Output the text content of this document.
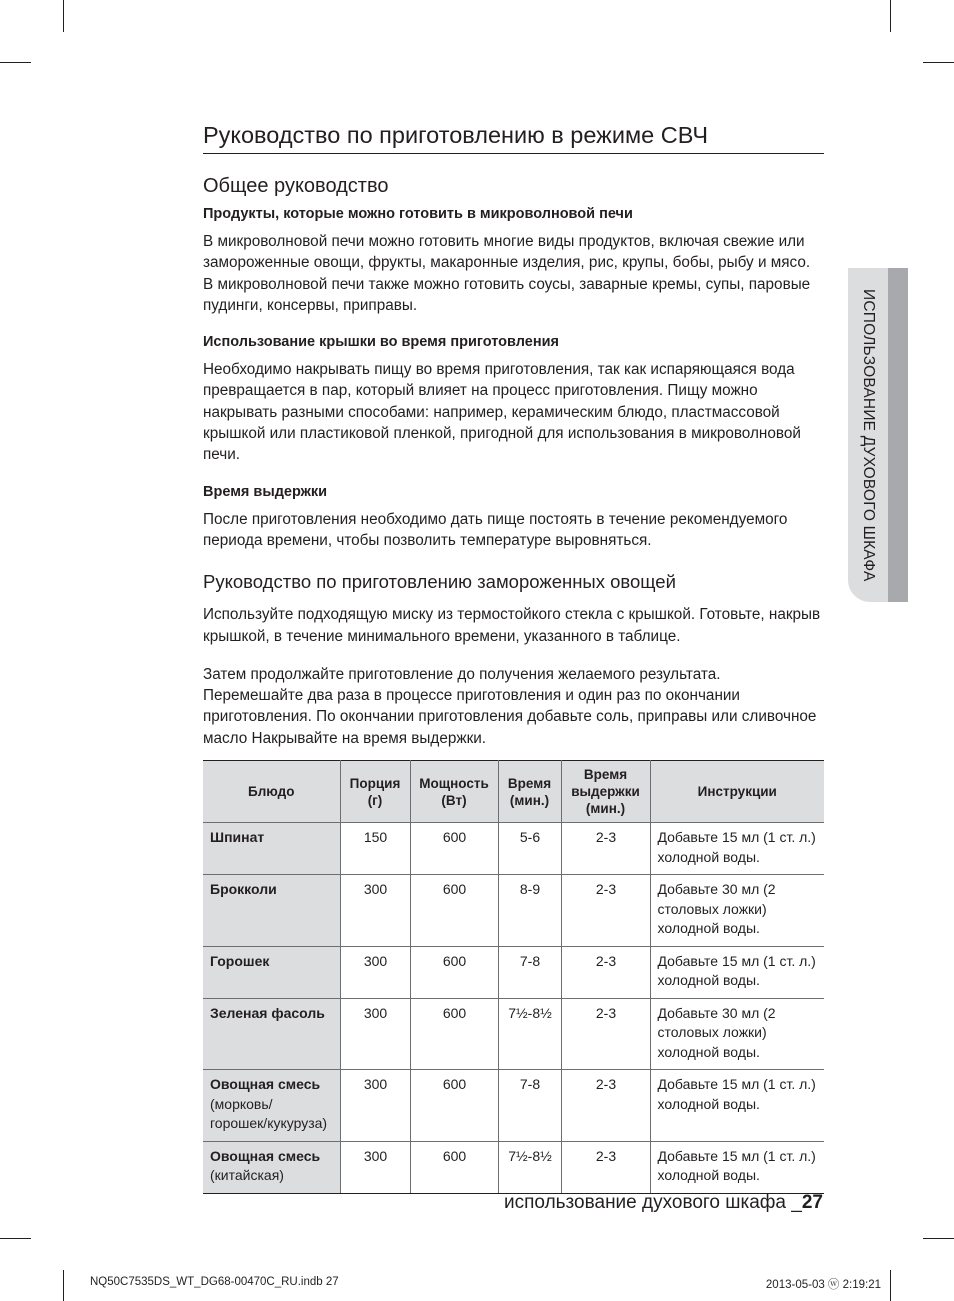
Руководство по приготовлению в режиме СВЧ
Общее руководство
Продукты, которые можно готовить в микроволновой печи

В микроволновой печи можно готовить многие виды продуктов, включая свежие или замороженные овощи, фрукты, макаронные изделия, рис, крупы, бобы, рыбу и мясо. В микроволновой печи также можно готовить соусы, заварные кремы, супы, паровые пудинги, консервы, приправы.

Использование крышки во время приготовления

Необходимо накрывать пищу во время приготовления, так как испаряющаяся вода превращается в пар, который влияет на процесс приготовления. Пищу можно накрывать разными способами: например, керамическим блюдо, пластмассовой крышкой или пластиковой пленкой, пригодной для использования в микроволновой печи.

Время выдержки

После приготовления необходимо дать пище постоять в течение рекомендуемого периода времени, чтобы позволить температуре выровняться.

Руководство по приготовлению замороженных овощей

Используйте подходящую миску из термостойкого стекла с крышкой. Готовьте, накрыв крышкой, в течение минимального времени, указанного в таблице.

Затем продолжайте приготовление до получения желаемого результата. Перемешайте два раза в процессе приготовления и один раз по окончании приготовления. По окончании приготовления добавьте соль, приправы или сливочное масло Накрывайте на время выдержки.

Блюдо	Порция (г)	Мощность (Вт)	Время (мин.)	Время выдержки (мин.)	Инструкции
Шпинат	150	600	5-6	2-3	Добавьте 15 мл (1 ст. л.) холодной воды.
Брокколи	300	600	8-9	2-3	Добавьте 30 мл (2 столовых ложки) холодной воды.
Горошек	300	600	7-8	2-3	Добавьте 15 мл (1 ст. л.) холодной воды.
Зеленая фасоль	300	600	7½-8½	2-3	Добавьте 30 мл (2 столовых ложки) холодной воды.
Овощная смесь
(морковь/ горошек/кукуруза)	300	600	7-8	2-3	Добавьте 15 мл (1 ст. л.) холодной воды.
Овощная смесь
(китайская)	300	600	7½-8½	2-3	Добавьте 15 мл (1 ст. л.) холодной воды.
ИСПОЛЬЗОВАНИЕ ДУХОВОГО ШКАФА
использование духового шкафа _27
NQ50C7535DS_WT_DG68-00470C_RU.indb 27	2013-05-03 ⓦ 2:19:21
